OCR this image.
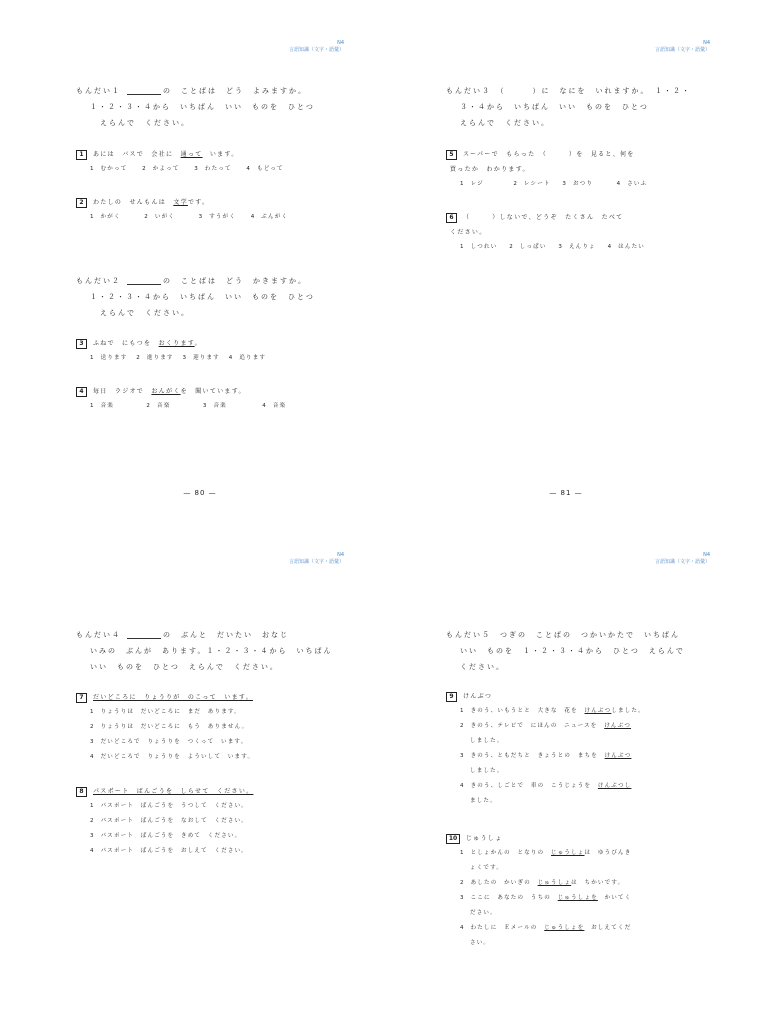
N4
言語知識（文字・語彙）
もんだい１	の　ことばは　どう　よみますか。
１・２・３・４から　いちばん　いい　ものを　ひとつ
えらんで　ください。
1 あには　バスで　会社に　 通って　 います。
1  むかって     2  かよって     3  わたって     4  もどって
2 わたしの　せんもんは　 文学です。
1  かがく        2  いがく        3  すうがく     4  ぶんがく
もんだい２	の　ことばは　どう　かきますか。
１・２・３・４から　いちばん　いい　ものを　ひとつ
えらんで　ください。
3 ふねで　にもつを　 おくります。
1  送ります   2  進ります   3  迎ります   4  追ります
4 毎日　ラジオで　 おんがくを　聞いています。
1  音楽           2  音楽           3  音楽            4  音楽
— 80 —
N4
言語知識（文字・語彙）
もんだい３　（　　　）に　なにを　いれますか。　１・２・
３・４から　いちばん　いい　ものを　ひとつ
えらんで　ください。
5 スーパーで　もらった　（　　　）を　見ると、何を
買ったか　わかります。
1  レジ          2  レシート    3  おつり        4  さいふ
6 （　　　）しないで、どうぞ　たくさん　たべて
ください。
1  しつれい    2  しっぱい    3  えんりょ    4  はんたい
— 81 —
N4
言語知識（文字・語彙）
もんだい４	の　ぶんと　だいたい　おなじ
いみの　ぶんが　あります。１・２・３・４から　いちばん
いい　ものを　ひとつ　えらんで　ください。
7 だいどころに　りょうりが　のこって　います。
1  りょうりは　だいどころに　まだ　あります。
2  りょうりは　だいどころに　もう　ありません。
3  だいどころで　りょうりを　つくって　います。
4  だいどころで　りょうりを　よういして　います。
8 パスポート　ばんごうを　しらせて　ください。
1  パスポート　ばんごうを　うつして　ください。
2  パスポート　ばんごうを　なおして　ください。
3  パスポート　ばんごうを　きめて　ください。
4  パスポート　ばんごうを　おしえて　ください。
N4
言語知識（文字・語彙）
もんだい５　つぎの　ことばの　つかいかたで　いちばん
いい　ものを　１・２・３・４から　ひとつ　えらんで
ください。
9 けんぶつ
1  きのう、いもうとと　大きな　花を　 けんぶつしました。
2  きのう、テレビで　にほんの　ニュースを　 けんぶつ
しました。
3  きのう、ともだちと　きょうとの　まちを　 けんぶつ
しました。
4  きのう、しごとで　車の　こうじょうを　 けんぶつし
ました。
10 じゅうしょ
1  としょかんの　となりの　 じゅうしょは　ゆうびんき
ょくです。
2  あしたの　かいぎの　 じゅうしょは　ちかいです。
3  ここに　あなたの　うちの　 じゅうしょを　 かいてく
ださい。
4  わたしに　Ｅメールの　 じゅうしょを　 おしえてくだ
さい。
